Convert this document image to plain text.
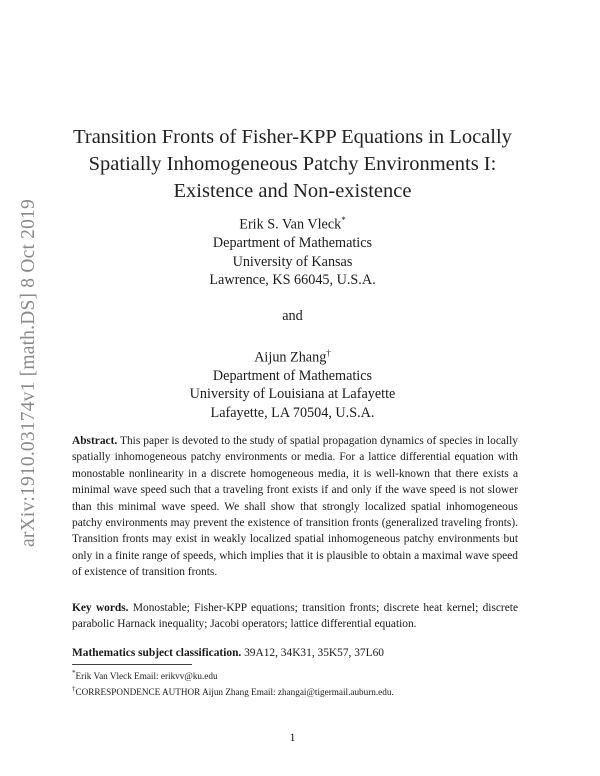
arXiv:1910.03174v1 [math.DS] 8 Oct 2019
Transition Fronts of Fisher-KPP Equations in Locally
Spatially Inhomogeneous Patchy Environments I:
Existence and Non-existence
Erik S. Van Vleck*
Department of Mathematics
University of Kansas
Lawrence, KS 66045, U.S.A.
and
Aijun Zhang†
Department of Mathematics
University of Louisiana at Lafayette
Lafayette, LA 70504, U.S.A.
Abstract. This paper is devoted to the study of spatial propagation dynamics of species in locally spatially inhomogeneous patchy environments or media. For a lattice differential equation with monostable nonlinearity in a discrete homogeneous media, it is well-known that there exists a minimal wave speed such that a traveling front exists if and only if the wave speed is not slower than this minimal wave speed. We shall show that strongly localized spatial inhomogeneous patchy environments may prevent the existence of transition fronts (generalized traveling fronts). Transition fronts may exist in weakly localized spatial inhomogeneous patchy environments but only in a finite range of speeds, which implies that it is plausible to obtain a maximal wave speed of existence of transition fronts.
Key words. Monostable; Fisher-KPP equations; transition fronts; discrete heat kernel; discrete parabolic Harnack inequality; Jacobi operators; lattice differential equation.
Mathematics subject classification. 39A12, 34K31, 35K57, 37L60
*Erik Van Vleck Email: erikvv@ku.edu
†CORRESPONDENCE AUTHOR Aijun Zhang Email: zhangai@tigermail.auburn.edu.
1
